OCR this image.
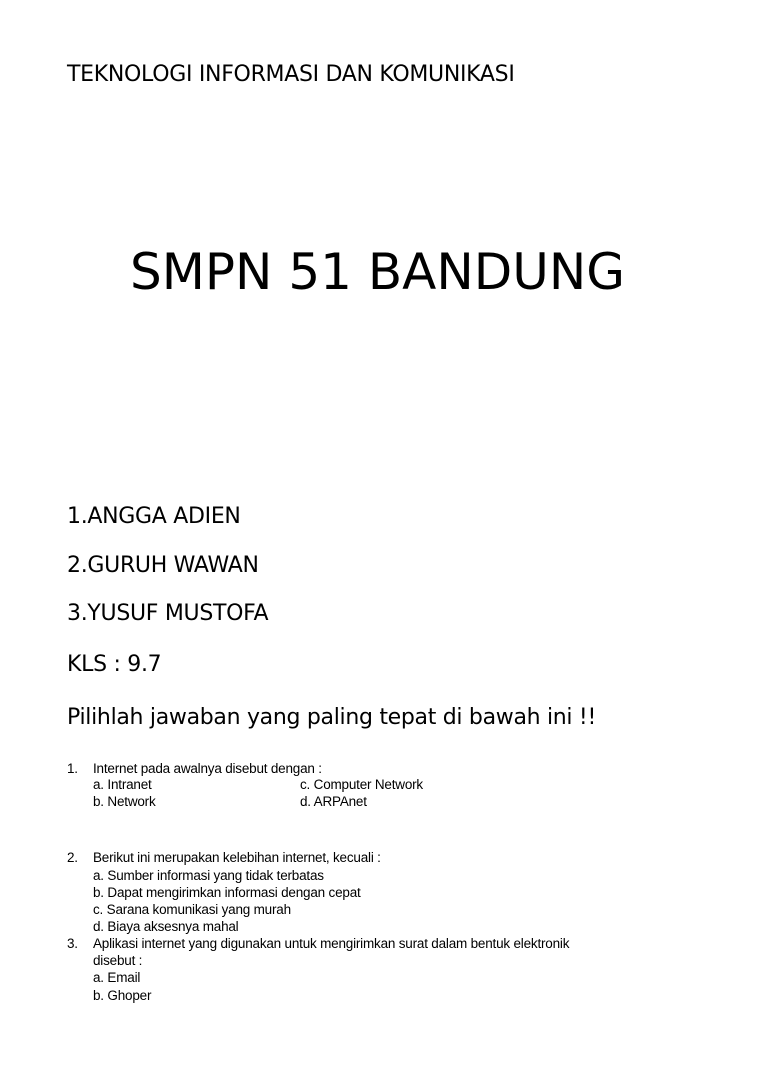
TEKNOLOGI INFORMASI DAN KOMUNIKASI
SMPN 51 BANDUNG
1.ANGGA ADIEN
2.GURUH WAWAN
3.YUSUF MUSTOFA
KLS : 9.7
Pilihlah jawaban yang paling tepat di bawah ini !!
1. Internet pada awalnya disebut dengan :
a. Intranet
b. Network
c. Computer Network
d. ARPAnet
2. Berikut ini merupakan kelebihan internet, kecuali :
a. Sumber informasi yang tidak terbatas
b. Dapat mengirimkan informasi dengan cepat
c. Sarana komunikasi yang murah
d. Biaya aksesnya mahal
3. Aplikasi internet yang digunakan untuk mengirimkan surat dalam bentuk elektronik
disebut :
a. Email
b. Ghoper
